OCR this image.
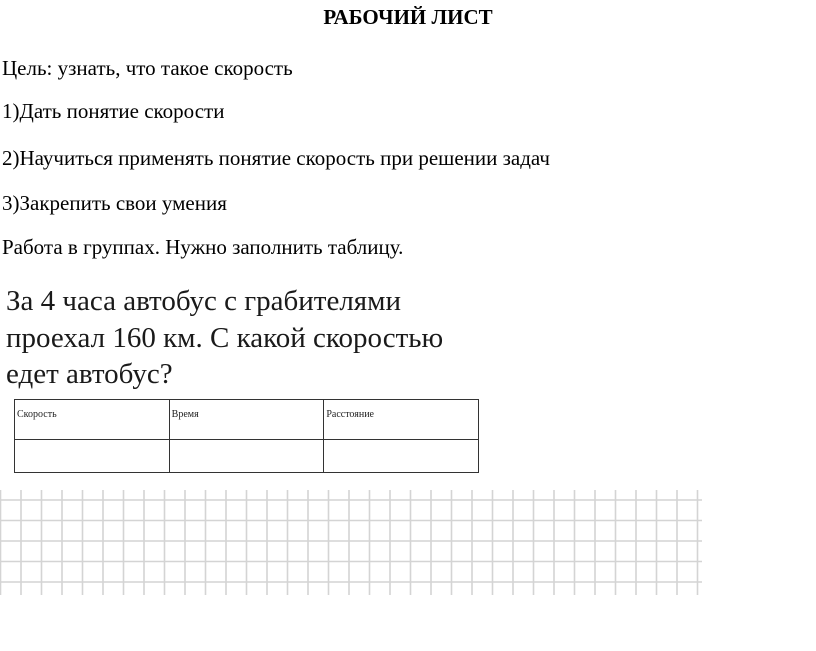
РАБОЧИЙ ЛИСТ
Цель: узнать, что такое скорость
1)Дать понятие скорости
2)Научиться применять понятие скорость при решении задач
3)Закрепить свои умения
Работа в группах. Нужно заполнить таблицу.
За 4 часа автобус с грабителями
проехал 160 км. С какой скоростью
едет автобус?
Скорость	Время	Расстояние
